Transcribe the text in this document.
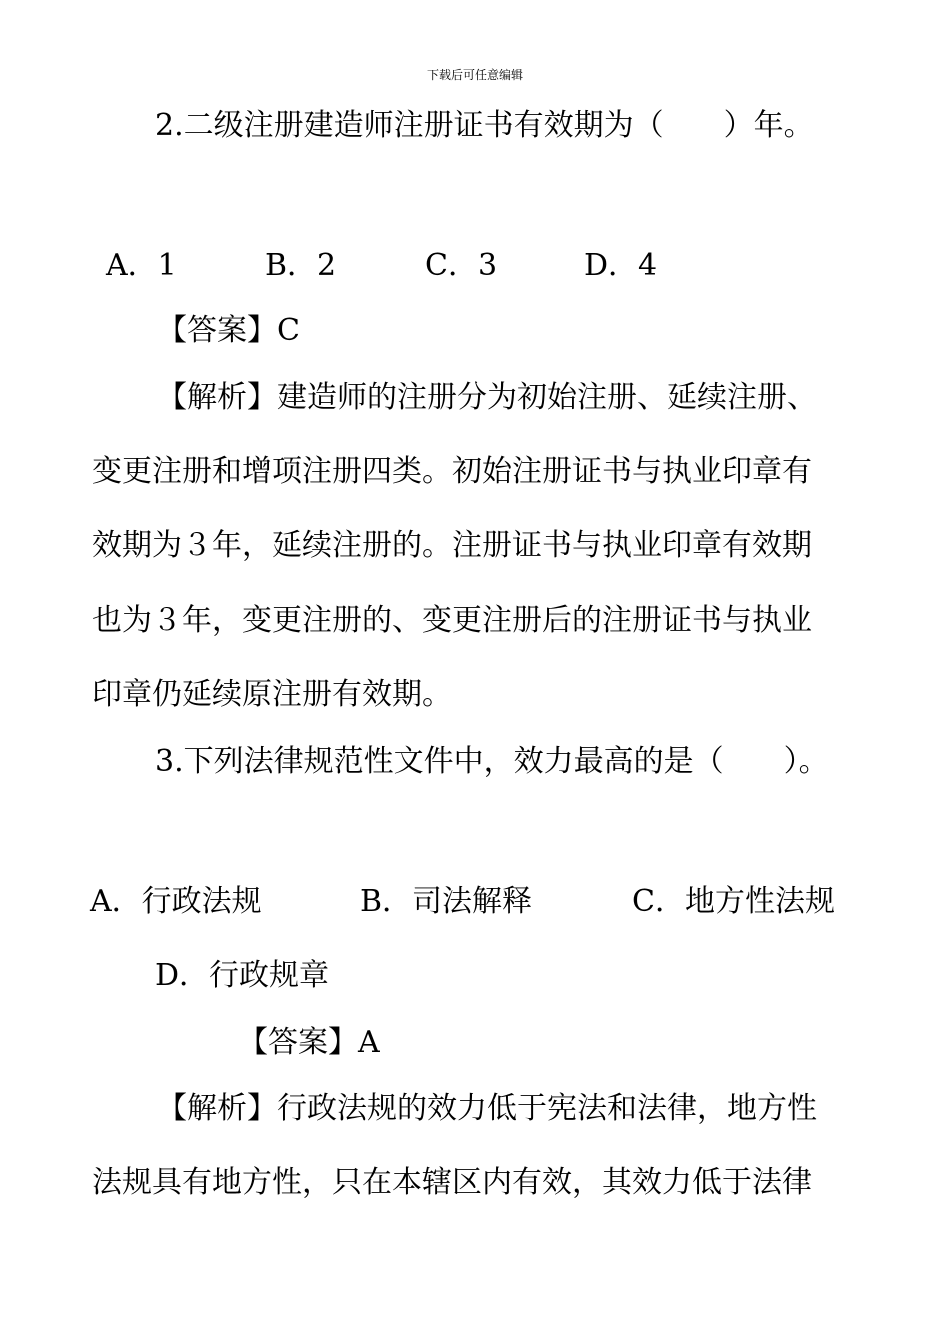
下载后可任意编辑
2.二级注册建造师注册证书有效期为（　　）年。
A．1	B．2	C．3	D．4
【答案】C
【解析】建造师的注册分为初始注册、延续注册、
变更注册和增项注册四类。初始注册证书与执业印章有
效期为３年，延续注册的。注册证书与执业印章有效期
也为３年，变更注册的、变更注册后的注册证书与执业
印章仍延续原注册有效期。
3.下列法律规范性文件中，效力最高的是（　　）。
A．行政法规	B．司法解释	C．地方性法规
D．行政规章
【答案】A
【解析】行政法规的效力低于宪法和法律，地方性
法规具有地方性，只在本辖区内有效，其效力低于法律
